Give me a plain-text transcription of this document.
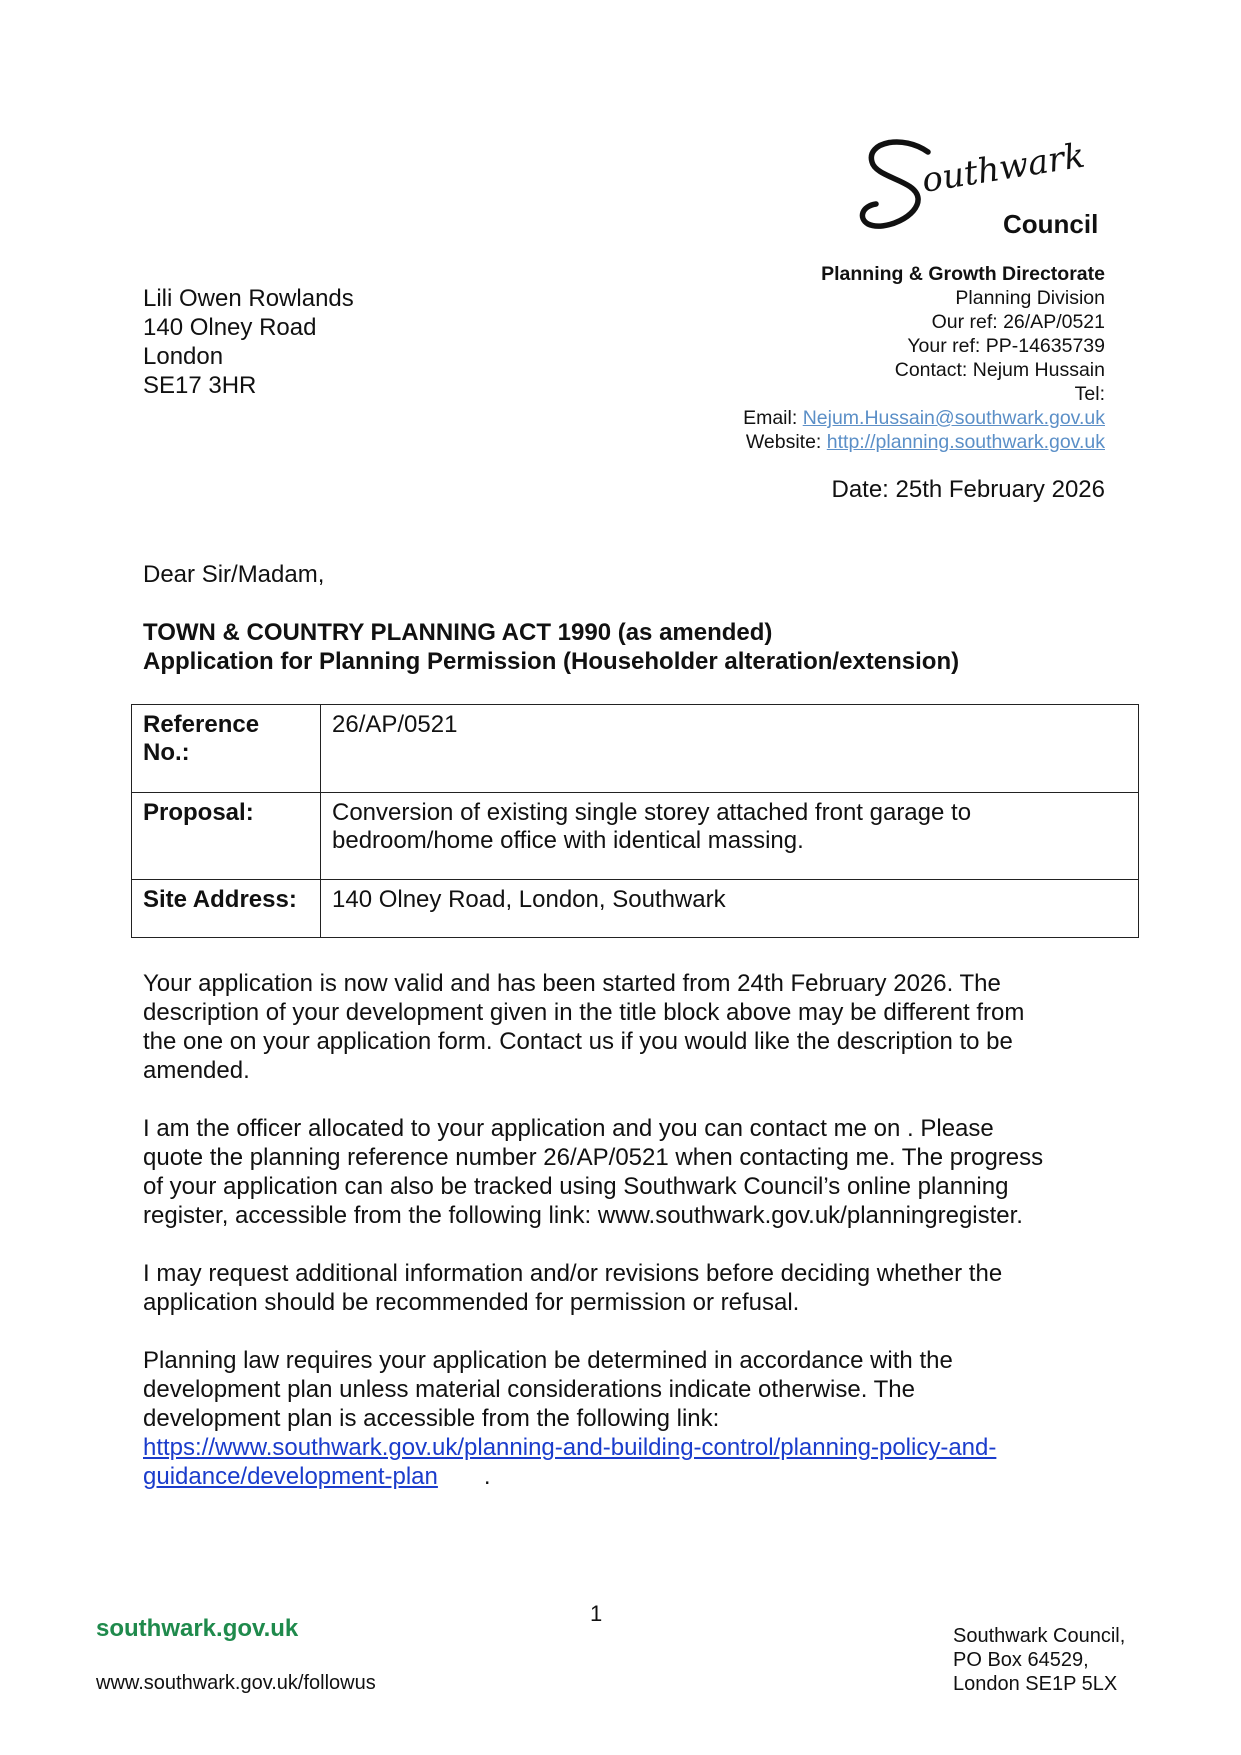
outhwark
Council
Planning & Growth Directorate
Planning Division
Our ref: 26/AP/0521
Your ref: PP-14635739
Contact: Nejum Hussain
Tel:
Email: Nejum.Hussain@southwark.gov.uk
Website: http://planning.southwark.gov.uk
Date: 25th February 2026
Lili Owen Rowlands
140 Olney Road
London
SE17 3HR
Dear Sir/Madam,
TOWN & COUNTRY PLANNING ACT 1990 (as amended)
Application for Planning Permission (Householder alteration/extension)
Reference
No.:	26/AP/0521
Proposal:	Conversion of existing single storey attached front garage to
bedroom/home office with identical massing.
Site Address:	140 Olney Road, London, Southwark

Your application is now valid and has been started from 24th February 2026. The
description of your development given in the title block above may be different from
the one on your application form. Contact us if you would like the description to be
amended.

I am the officer allocated to your application and you can contact me on . Please
quote the planning reference number 26/AP/0521 when contacting me. The progress
of your application can also be tracked using Southwark Council’s online planning
register, accessible from the following link: www.southwark.gov.uk/planningregister.

I may request additional information and/or revisions before deciding whether the
application should be recommended for permission or refusal.

Planning law requires your application be determined in accordance with the
development plan unless material considerations indicate otherwise. The
development plan is accessible from the following link:
https://www.southwark.gov.uk/planning-and-building-control/planning-policy-and-
guidance/development-plan .

1
southwark.gov.uk
www.southwark.gov.uk/followus
Southwark Council,
PO Box 64529,
London SE1P 5LX
